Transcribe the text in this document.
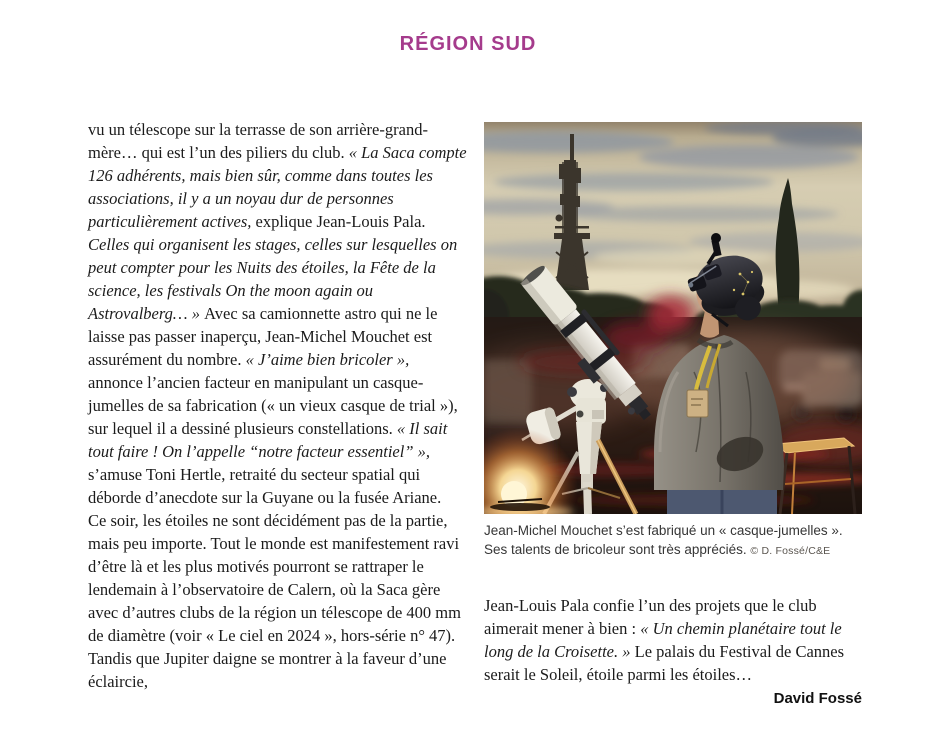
RÉGION SUD

vu un télescope sur la terrasse de son arrière-grand-mère… qui est l’un des piliers du club. « La Saca compte 126 adhérents, mais bien sûr, comme dans toutes les associations, il y a un noyau dur de personnes particulièrement actives, explique Jean-Louis Pala. Celles qui organisent les stages, celles sur lesquelles on peut compter pour les Nuits des étoiles, la Fête de la science, les festivals On the moon again ou Astrovalberg… » Avec sa camionnette astro qui ne le laisse pas passer inaperçu, Jean-Michel Mouchet est assurément du nombre. « J’aime bien bricoler », annonce l’ancien facteur en manipulant un casque-jumelles de sa fabrication (« un vieux casque de trial »), sur lequel il a dessiné plusieurs constellations. « Il sait tout faire ! On l’appelle “notre facteur essentiel” », s’amuse Toni Hertle, retraité du secteur spatial qui déborde d’anecdote sur la Guyane ou la fusée Ariane.

Ce soir, les étoiles ne sont décidément pas de la partie, mais peu importe. Tout le monde est manifestement ravi d’être là et les plus motivés pourront se rattraper le lendemain à l’observatoire de Calern, où la Saca gère avec d’autres clubs de la région un télescope de 400 mm de diamètre (voir « Le ciel en 2024 », hors-série n° 47). Tandis que Jupiter daigne se montrer à la faveur d’une éclaircie,

Jean-Michel Mouchet s’est fabriqué un « casque-jumelles ».
Ses talents de bricoleur sont très appréciés. © D. Fossé/C&E

Jean-Louis Pala confie l’un des projets que le club aimerait mener à bien : « Un chemin planétaire tout le long de la Croisette. » Le palais du Festival de Cannes serait le Soleil, étoile parmi les étoiles…

David Fossé
